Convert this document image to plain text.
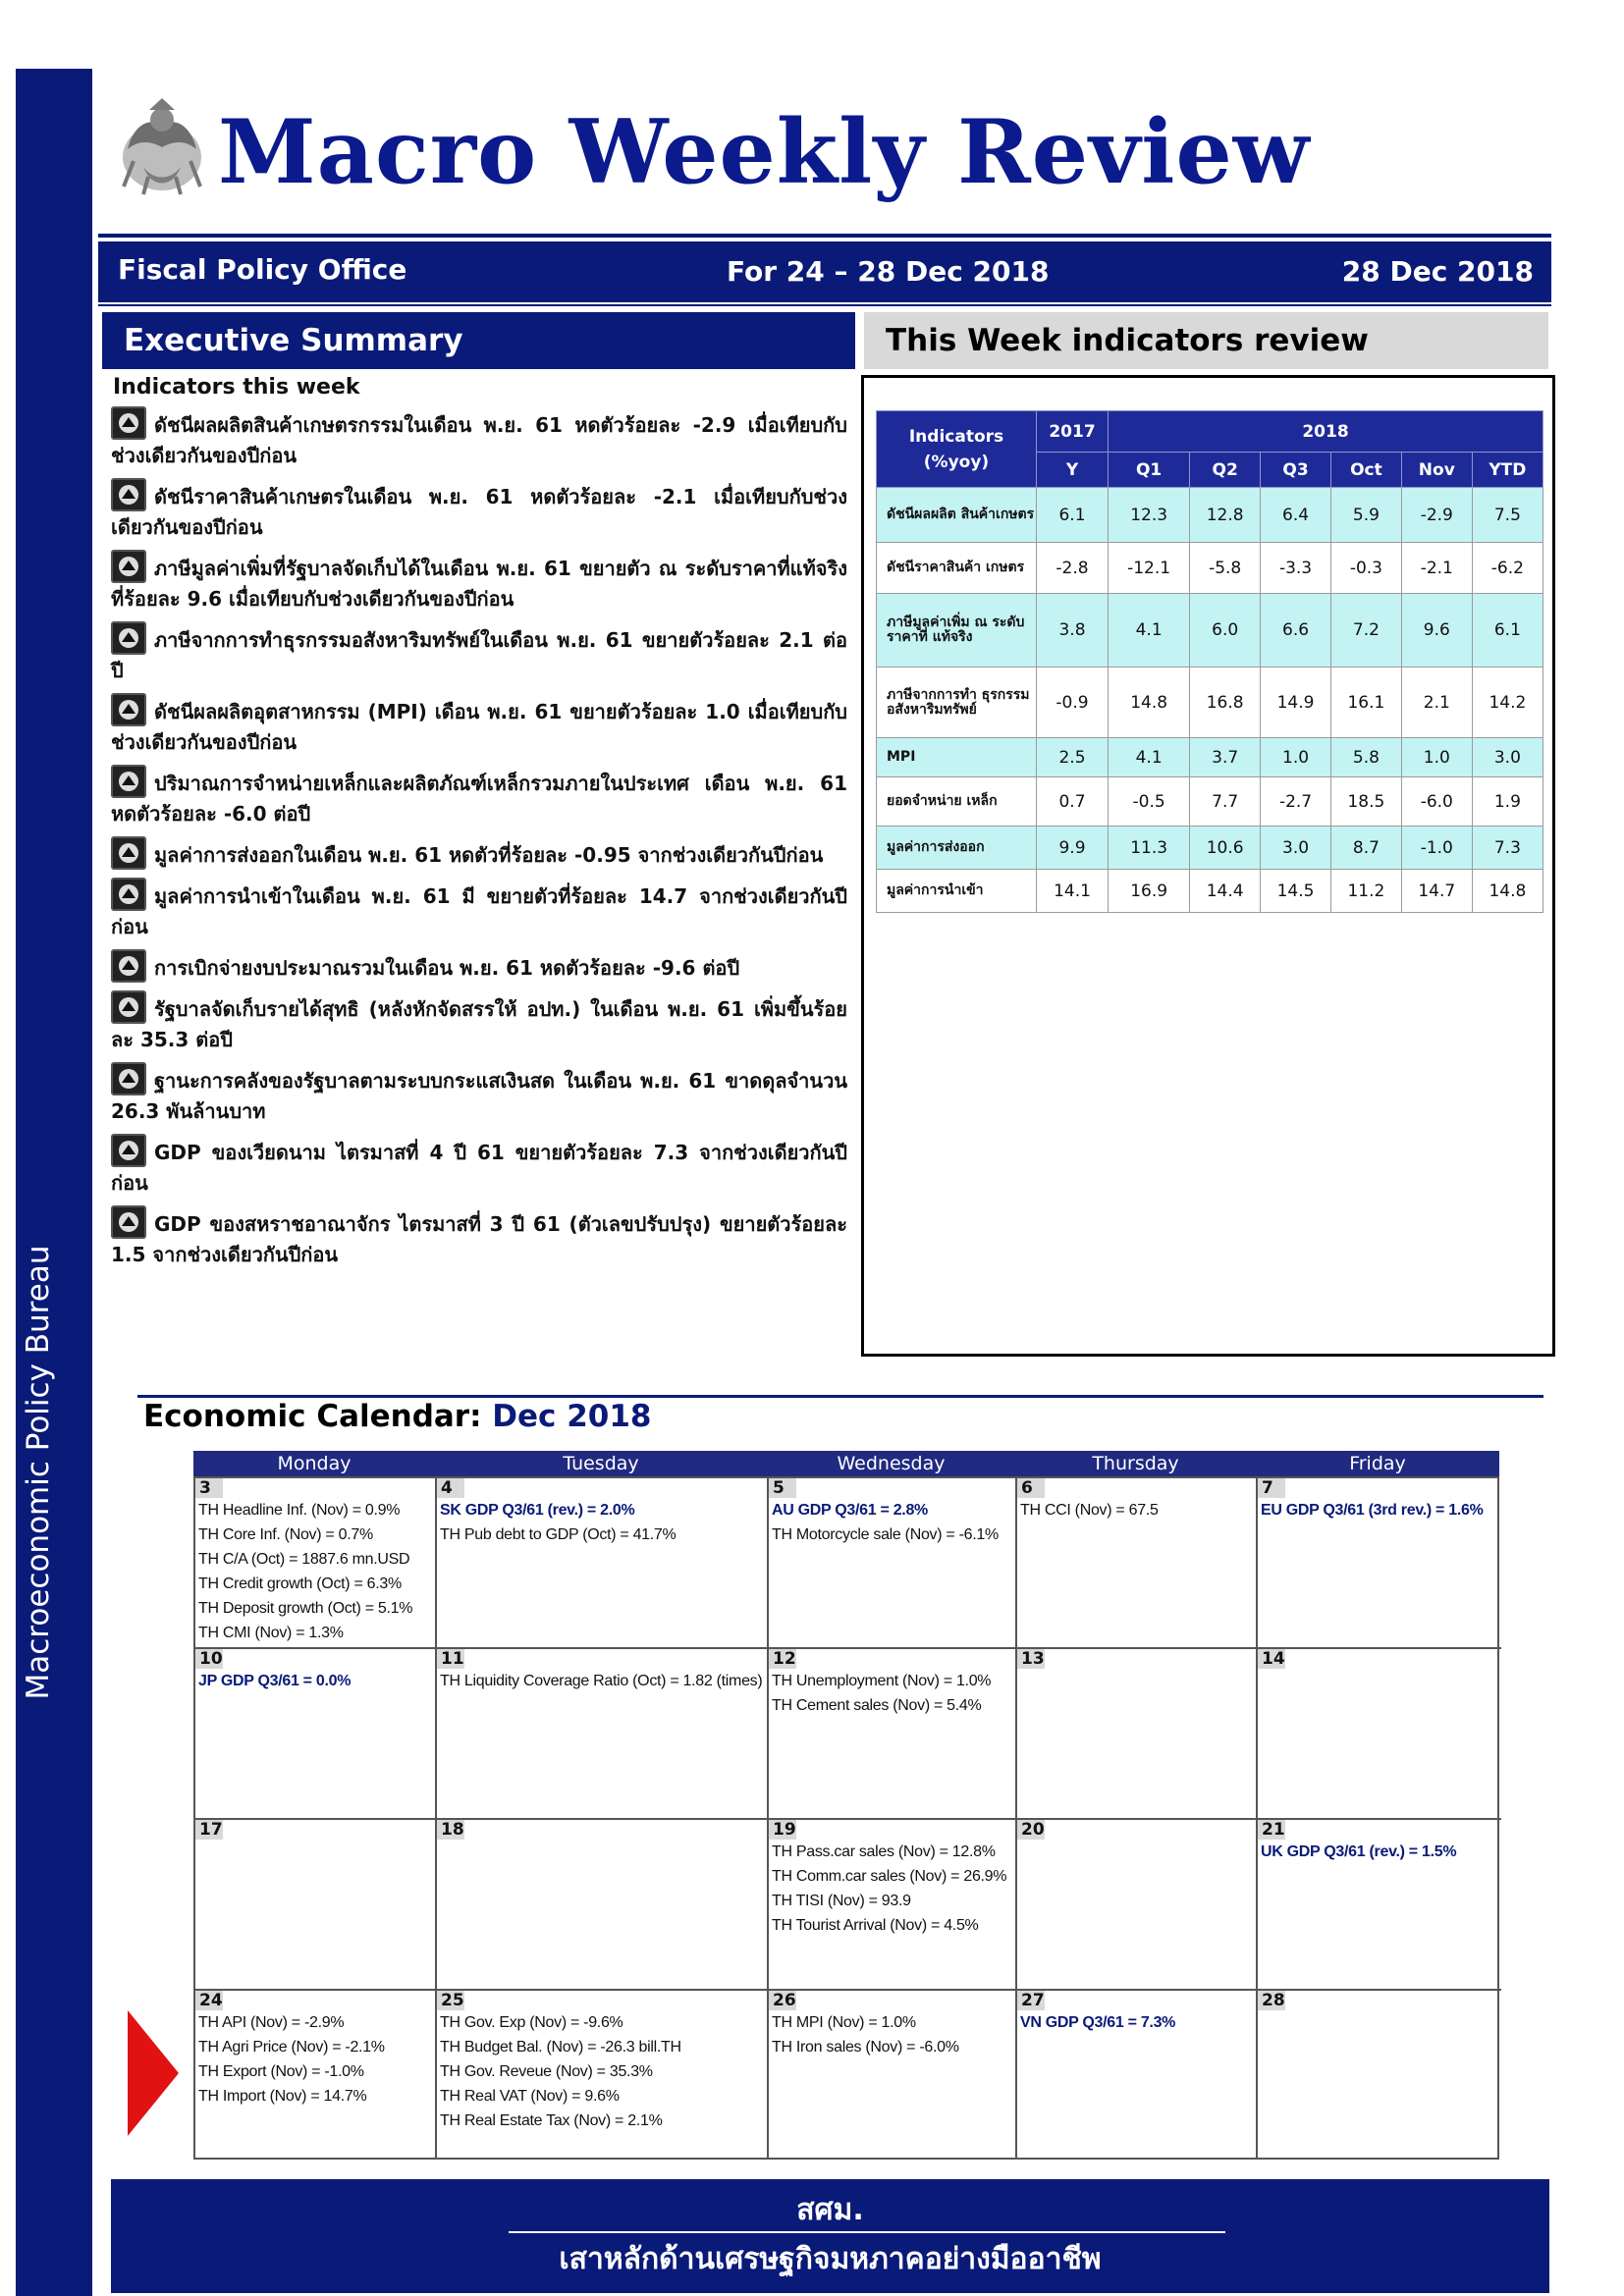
Macroeconomic Policy Bureau
Macro Weekly Review
Fiscal Policy Office	For 24 – 28 Dec 2018	28 Dec 2018
Executive Summary	This Week indicators review
Indicators this week
ดัชนีผลผลิตสินค้าเกษตรกรรมในเดือน พ.ย. 61 หดตัวร้อยละ -2.9 เมื่อเทียบกับช่วงเดียวกันของปีก่อน
ดัชนีราคาสินค้าเกษตรในเดือน พ.ย. 61 หดตัวร้อยละ -2.1 เมื่อเทียบกับช่วงเดียวกันของปีก่อน
ภาษีมูลค่าเพิ่มที่รัฐบาลจัดเก็บได้ในเดือน พ.ย. 61 ขยายตัว ณ ระดับราคาที่แท้จริงที่ร้อยละ 9.6 เมื่อเทียบกับช่วงเดียวกันของปีก่อน
ภาษีจากการทำธุรกรรมอสังหาริมทรัพย์ในเดือน พ.ย. 61 ขยายตัวร้อยละ 2.1 ต่อปี
ดัชนีผลผลิตอุตสาหกรรม (MPI) เดือน พ.ย. 61 ขยายตัวร้อยละ 1.0 เมื่อเทียบกับช่วงเดียวกันของปีก่อน
ปริมาณการจำหน่ายเหล็กและผลิตภัณฑ์เหล็กรวมภายในประเทศ เดือน พ.ย. 61 หดตัวร้อยละ -6.0 ต่อปี
มูลค่าการส่งออกในเดือน พ.ย. 61 หดตัวที่ร้อยละ -0.95 จากช่วงเดียวกันปีก่อน
มูลค่าการนำเข้าในเดือน พ.ย. 61 มี ขยายตัวที่ร้อยละ 14.7 จากช่วงเดียวกันปีก่อน
การเบิกจ่ายงบประมาณรวมในเดือน พ.ย. 61 หดตัวร้อยละ -9.6 ต่อปี
รัฐบาลจัดเก็บรายได้สุทธิ (หลังหักจัดสรรให้ อปท.) ในเดือน พ.ย. 61 เพิ่มขึ้นร้อยละ 35.3 ต่อปี
ฐานะการคลังของรัฐบาลตามระบบกระแสเงินสด ในเดือน พ.ย. 61 ขาดดุลจำนวน 26.3 พันล้านบาท
GDP ของเวียดนาม ไตรมาสที่ 4 ปี 61 ขยายตัวร้อยละ 7.3 จากช่วงเดียวกันปีก่อน
GDP ของสหราชอาณาจักร ไตรมาสที่ 3 ปี 61 (ตัวเลขปรับปรุง) ขยายตัวร้อยละ 1.5 จากช่วงเดียวกันปีก่อน
Indicators
(%yoy)	2017	2018					
	Y	Q1	Q2	Q3	Oct	Nov	YTD
ดัชนีผลผลิต สินค้าเกษตร	6.1	12.3	12.8	6.4	5.9	-2.9	7.5
ดัชนีราคาสินค้า เกษตร	-2.8	-12.1	-5.8	-3.3	-0.3	-2.1	-6.2
ภาษีมูลค่าเพิ่ม ณ ระดับราคาที่ แท้จริง	3.8	4.1	6.0	6.6	7.2	9.6	6.1
ภาษีจากการทำ ธุรกรรม อสังหาริมทรัพย์	-0.9	14.8	16.8	14.9	16.1	2.1	14.2
MPI	2.5	4.1	3.7	1.0	5.8	1.0	3.0
ยอดจำหน่าย เหล็ก	0.7	-0.5	7.7	-2.7	18.5	-6.0	1.9
มูลค่าการส่งออก	9.9	11.3	10.6	3.0	8.7	-1.0	7.3
มูลค่าการนำเข้า	14.1	16.9	14.4	14.5	11.2	14.7	14.8
Economic Calendar: Dec 2018
Monday	Tuesday	Wednesday	Thursday	Friday
3
TH Headline Inf. (Nov) = 0.9%
TH Core Inf. (Nov) = 0.7%
TH C/A (Oct) = 1887.6 mn.USD
TH Credit growth (Oct) = 6.3%
TH Deposit growth (Oct) = 5.1%
TH CMI (Nov) = 1.3%
4
SK GDP Q3/61 (rev.) = 2.0%
TH Pub debt to GDP (Oct) = 41.7%
5
AU GDP Q3/61 = 2.8%
TH Motorcycle sale (Nov) = -6.1%
6
TH CCI (Nov) = 67.5
7
EU GDP Q3/61 (3rd rev.) = 1.6%
10
JP GDP Q3/61 = 0.0%
11
TH Liquidity Coverage Ratio (Oct) = 1.82 (times)
12
TH Unemployment (Nov) = 1.0%
TH Cement sales (Nov) = 5.4%
13	14
17	18	19
TH Pass.car sales (Nov) = 12.8%
TH Comm.car sales (Nov) = 26.9%
TH TISI (Nov) = 93.9
TH Tourist Arrival (Nov) = 4.5%
20	21
UK GDP Q3/61 (rev.) = 1.5%
24
TH API (Nov) = -2.9%
TH Agri Price (Nov) = -2.1%
TH Export (Nov) = -1.0%
TH Import (Nov) = 14.7%
25
TH Gov. Exp (Nov) = -9.6%
TH Budget Bal. (Nov) = -26.3 bill.TH
TH Gov. Reveue (Nov) = 35.3%
TH Real VAT (Nov) = 9.6%
TH Real Estate Tax (Nov) = 2.1%
26
TH MPI (Nov) = 1.0%
TH Iron sales (Nov) = -6.0%
27
VN GDP Q3/61 = 7.3%
28
สศม.
เสาหลักด้านเศรษฐกิจมหภาคอย่างมืออาชีพ
